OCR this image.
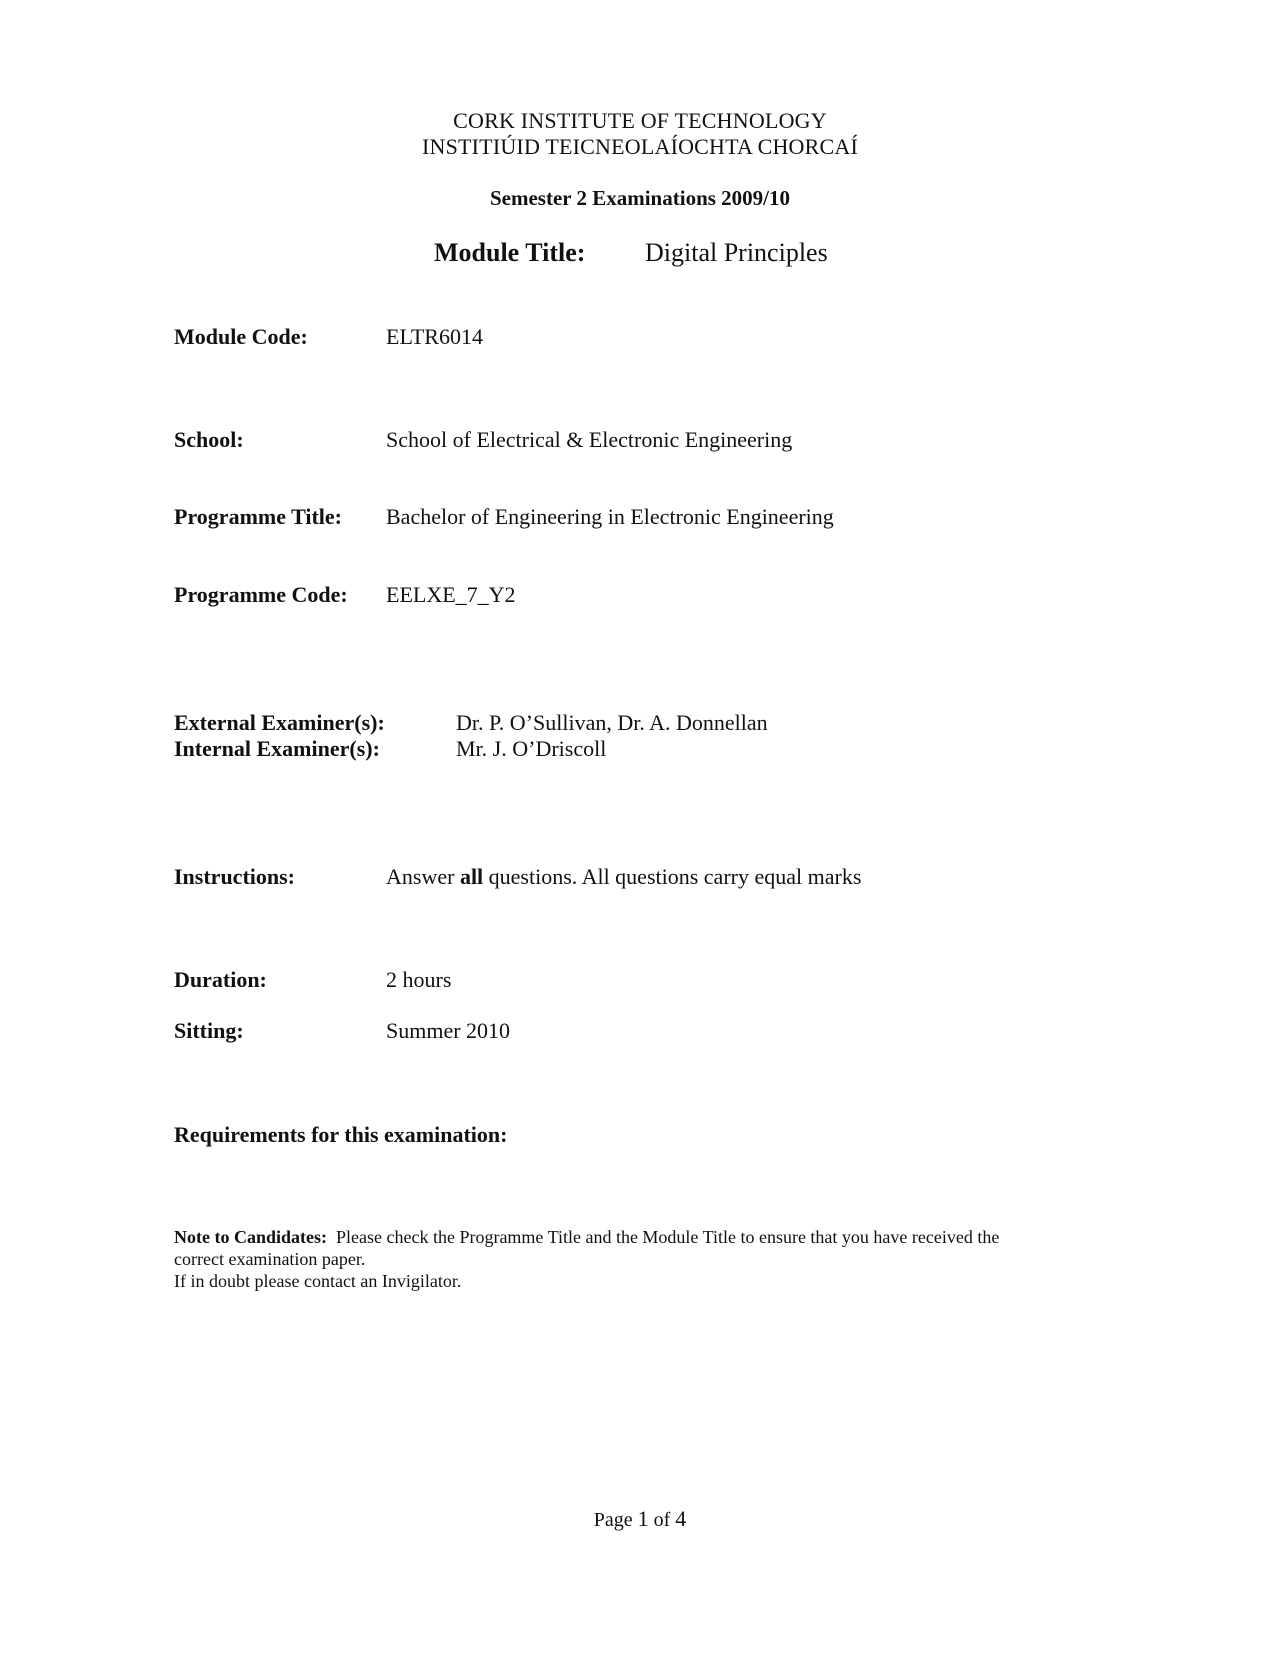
CORK INSTITUTE OF TECHNOLOGY
INSTITIÚID TEICNEOLAÍOCHTA CHORCAÍ
Semester 2 Examinations 2009/10
Module Title: Digital Principles
Module Code:	ELTR6014
School:	School of Electrical & Electronic Engineering
Programme Title: Bachelor of Engineering in Electronic Engineering
Programme Code: EELXE_7_Y2
External Examiner(s):	Dr. P. O’Sullivan, Dr. A. Donnellan
Internal Examiner(s):	Mr. J. O’Driscoll
Instructions:	Answer all questions. All questions carry equal marks
Duration:	2 hours
Sitting:	Summer 2010
Requirements for this examination:
Note to Candidates: Please check the Programme Title and the Module Title to ensure that you have received the
correct examination paper.
If in doubt please contact an Invigilator.
Page 1 of 4
